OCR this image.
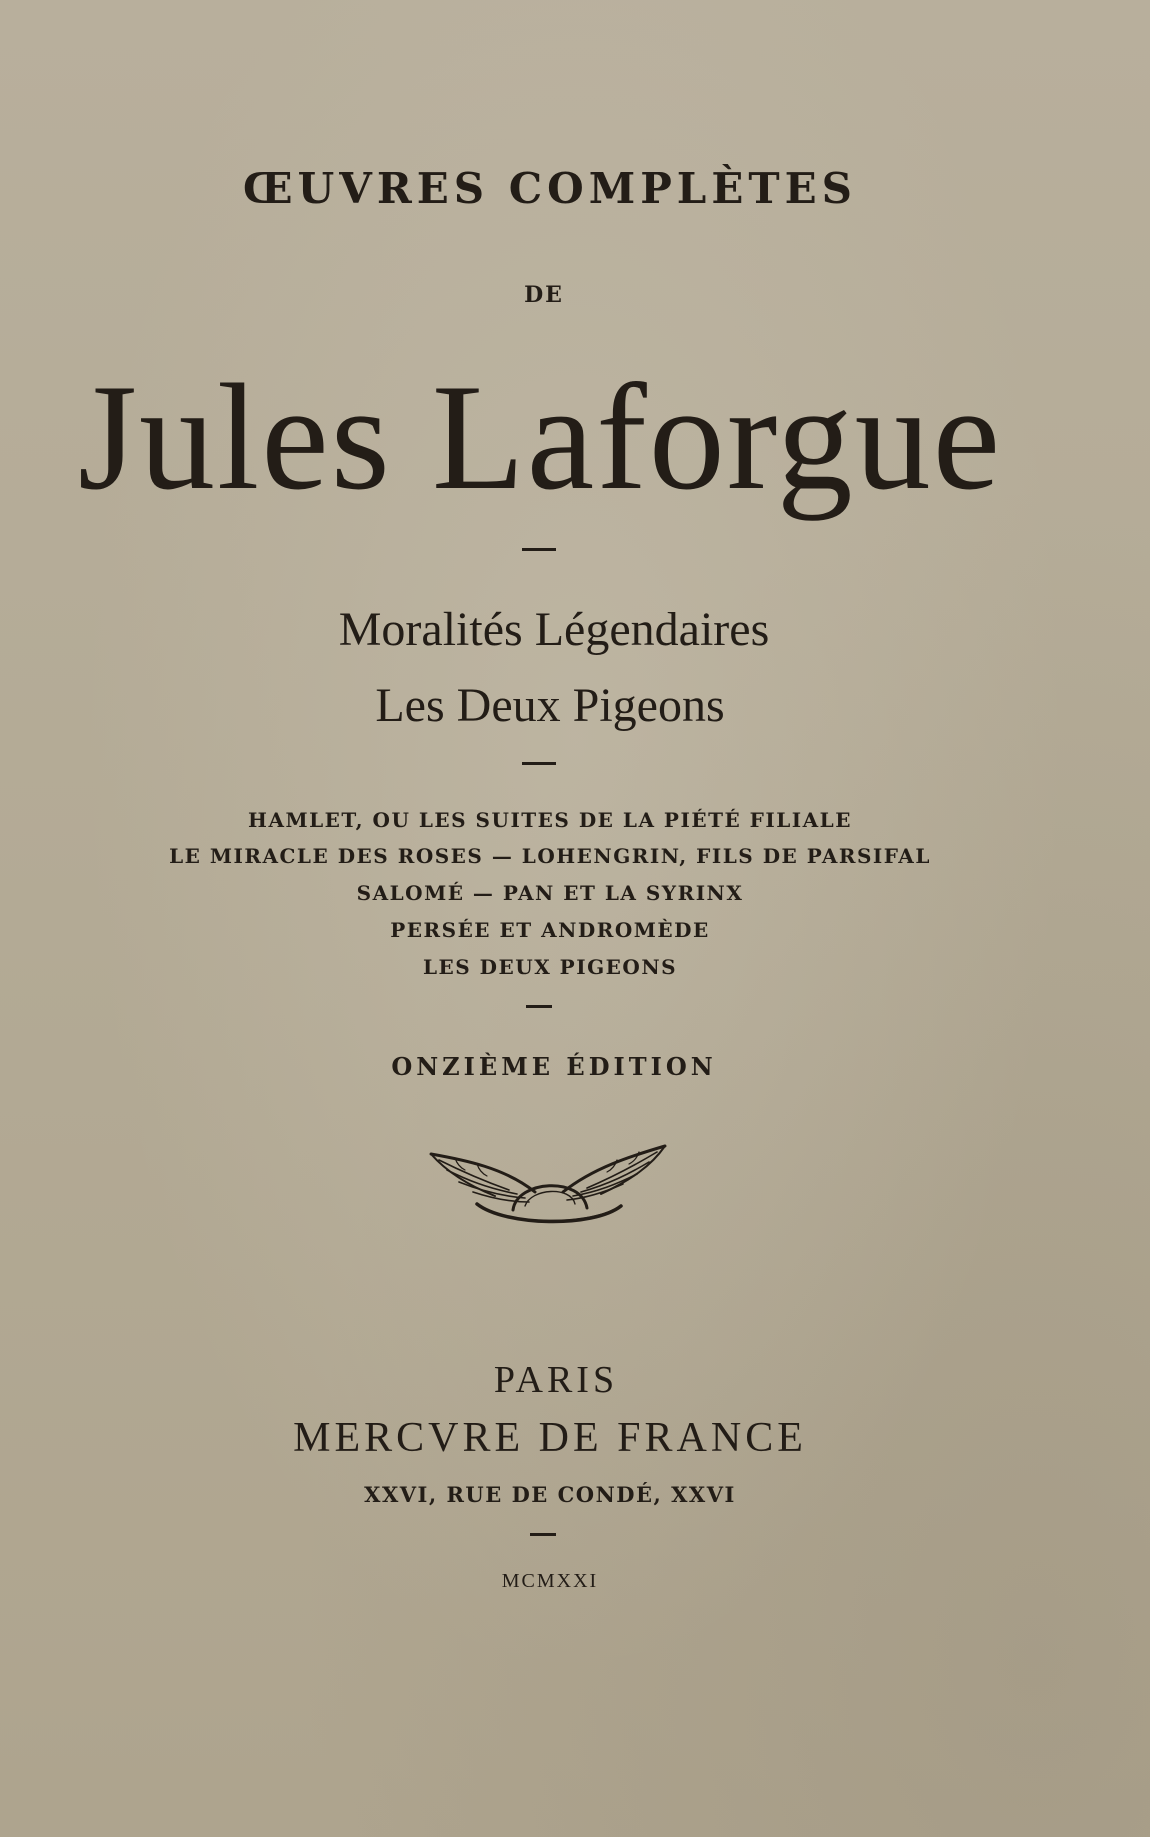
ŒUVRES COMPLÈTES
DE
Jules Laforgue
Moralités Légendaires
Les Deux Pigeons
HAMLET, OU LES SUITES DE LA PIÉTÉ FILIALE
LE MIRACLE DES ROSES — LOHENGRIN, FILS DE PARSIFAL
SALOMÉ — PAN ET LA SYRINX
PERSÉE ET ANDROMÈDE
LES DEUX PIGEONS
ONZIÈME ÉDITION
PARIS
MERCVRE DE FRANCE
XXVI, RUE DE CONDÉ, XXVI
MCMXXI
